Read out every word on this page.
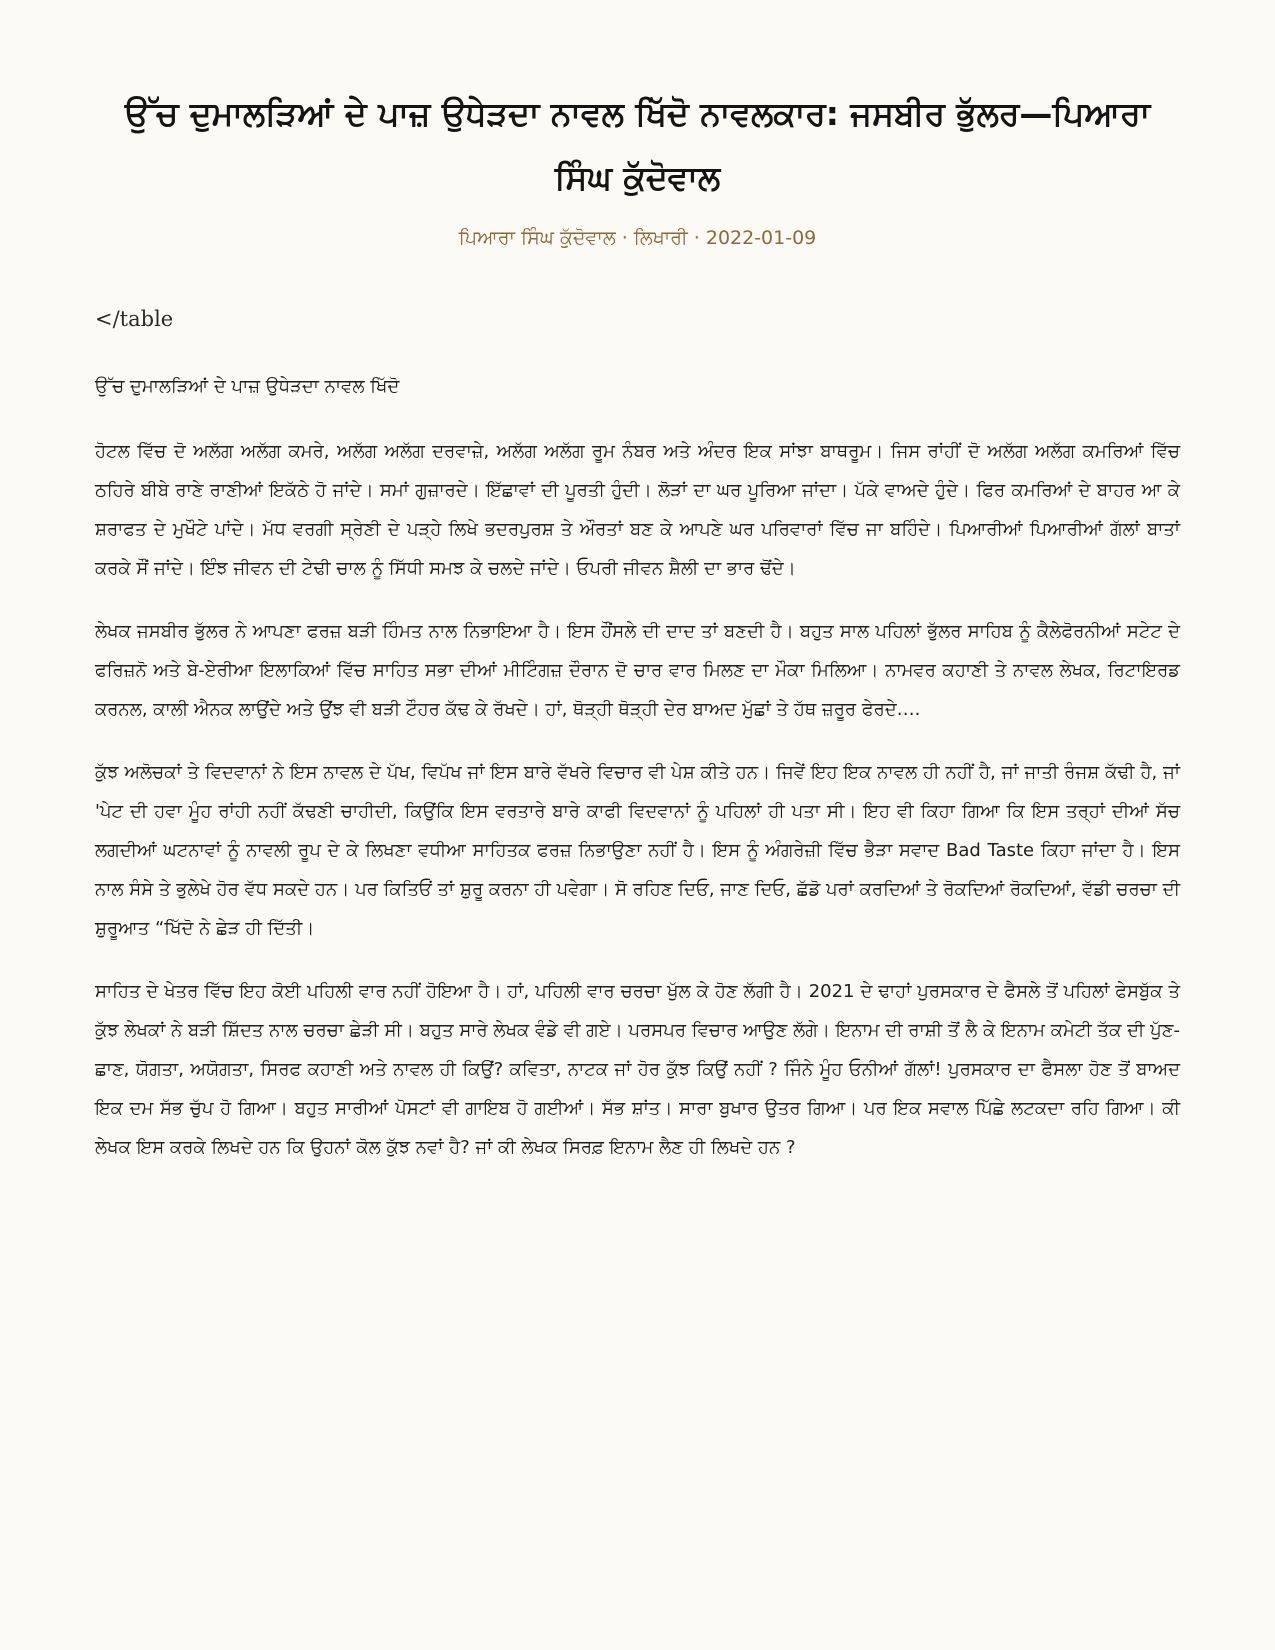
ਉੱਚ ਦੁਮਾਲੜਿਆਂ ਦੇ ਪਾਜ਼ ਉਧੇੜਦਾ ਨਾਵਲ ਖਿੱਦੋ ਨਾਵਲਕਾਰ: ਜਸਬੀਰ ਭੁੱਲਰ—ਪਿਆਰਾ ਸਿੰਘ ਕੁੱਦੋਵਾਲ
ਪਿਆਰਾ ਸਿੰਘ ਕੁੱਦੋਵਾਲ · ਲਿਖਾਰੀ · 2022-01-09

</table

ਉੱਚ ਦੁਮਾਲੜਿਆਂ ਦੇ ਪਾਜ਼ ਉਧੇੜਦਾ ਨਾਵਲ ਖਿੱਦੋ

ਹੋਟਲ ਵਿੱਚ ਦੋ ਅਲੱਗ ਅਲੱਗ ਕਮਰੇ, ਅਲੱਗ ਅਲੱਗ ਦਰਵਾਜ਼ੇ, ਅਲੱਗ ਅਲੱਗ ਰੂਮ ਨੰਬਰ ਅਤੇ ਅੰਦਰ ਇਕ ਸਾਂਝਾ ਬਾਥਰੂਮ। ਜਿਸ ਰਾਂਹੀਂ ਦੋ ਅਲੱਗ ਅਲੱਗ ਕਮਰਿਆਂ ਵਿੱਚ ਠਹਿਰੇ ਬੀਬੇ ਰਾਣੇ ਰਾਣੀਆਂ ਇਕੱਠੇ ਹੋ ਜਾਂਦੇ। ਸਮਾਂ ਗੁਜ਼ਾਰਦੇ। ਇੱਛਾਵਾਂ ਦੀ ਪੂਰਤੀ ਹੁੰਦੀ। ਲੋੜਾਂ ਦਾ ਘਰ ਪੂਰਿਆ ਜਾਂਦਾ। ਪੱਕੇ ਵਾਅਦੇ ਹੁੰਦੇ। ਫਿਰ ਕਮਰਿਆਂ ਦੇ ਬਾਹਰ ਆ ਕੇ ਸ਼ਰਾਫਤ ਦੇ ਮੁਖੌਟੇ ਪਾਂਦੇ। ਮੱਧ ਵਰਗੀ ਸ੍ਰੇਣੀ ਦੇ ਪੜ੍ਹੇ ਲਿਖੇ ਭਦਰਪੁਰਸ਼ ਤੇ ਔਰਤਾਂ ਬਣ ਕੇ ਆਪਣੇ ਘਰ ਪਰਿਵਾਰਾਂ ਵਿੱਚ ਜਾ ਬਹਿੰਦੇ। ਪਿਆਰੀਆਂ ਪਿਆਰੀਆਂ ਗੱਲਾਂ ਬਾਤਾਂ ਕਰਕੇ ਸੌਂ ਜਾਂਦੇ। ਇੰਝ ਜੀਵਨ ਦੀ ਟੇਢੀ ਚਾਲ ਨੂੰ ਸਿੱਧੀ ਸਮਝ ਕੇ ਚਲਦੇ ਜਾਂਦੇ। ਓਪਰੀ ਜੀਵਨ ਸ਼ੈਲੀ ਦਾ ਭਾਰ ਢੋਂਦੇ।

ਲੇਖਕ ਜਸਬੀਰ ਭੁੱਲਰ ਨੇ ਆਪਣਾ ਫਰਜ਼ ਬੜੀ ਹਿੰਮਤ ਨਾਲ ਨਿਭਾਇਆ ਹੈ। ਇਸ ਹੌਂਸਲੇ ਦੀ ਦਾਦ ਤਾਂ ਬਣਦੀ ਹੈ। ਬਹੁਤ ਸਾਲ ਪਹਿਲਾਂ ਭੁੱਲਰ ਸਾਹਿਬ ਨੂੰ ਕੈਲੇਫੋਰਨੀਆਂ ਸਟੇਟ ਦੇ ਫਰਿਜ਼ਨੋ ਅਤੇ ਬੇ-ਏਰੀਆ ਇਲਾਕਿਆਂ ਵਿੱਚ ਸਾਹਿਤ ਸਭਾ ਦੀਆਂ ਮੀਟਿੰਗਜ਼ ਦੌਰਾਨ ਦੋ ਚਾਰ ਵਾਰ ਮਿਲਣ ਦਾ ਮੌਕਾ ਮਿਲਿਆ। ਨਾਮਵਰ ਕਹਾਣੀ ਤੇ ਨਾਵਲ ਲੇਖਕ, ਰਿਟਾਇਰਡ ਕਰਨਲ, ਕਾਲੀ ਐਨਕ ਲਾਉਂਦੇ ਅਤੇ ਉਂਝ ਵੀ ਬੜੀ ਟੌਹਰ ਕੱਢ ਕੇ ਰੱਖਦੇ। ਹਾਂ, ਥੋੜ੍ਹੀ ਥੋੜ੍ਹੀ ਦੇਰ ਬਾਅਦ ਮੁੱਛਾਂ ਤੇ ਹੱਥ ਜ਼ਰੂਰ ਫੇਰਦੇ….

ਕੁੱਝ ਅਲੋਚਕਾਂ ਤੇ ਵਿਦਵਾਨਾਂ ਨੇ ਇਸ ਨਾਵਲ ਦੇ ਪੱਖ, ਵਿਪੱਖ ਜਾਂ ਇਸ ਬਾਰੇ ਵੱਖਰੇ ਵਿਚਾਰ ਵੀ ਪੇਸ਼ ਕੀਤੇ ਹਨ। ਜਿਵੇਂ ਇਹ ਇਕ ਨਾਵਲ ਹੀ ਨਹੀਂ ਹੈ, ਜਾਂ ਜਾਤੀ ਰੰਜਸ਼ ਕੱਢੀ ਹੈ, ਜਾਂ 'ਪੇਟ ਦੀ ਹਵਾ ਮੂੰਹ ਰਾਂਹੀ ਨਹੀਂ ਕੱਢਣੀ ਚਾਹੀਦੀ, ਕਿਉਂਕਿ ਇਸ ਵਰਤਾਰੇ ਬਾਰੇ ਕਾਫੀ ਵਿਦਵਾਨਾਂ ਨੂੰ ਪਹਿਲਾਂ ਹੀ ਪਤਾ ਸੀ। ਇਹ ਵੀ ਕਿਹਾ ਗਿਆ ਕਿ ਇਸ ਤਰ੍ਹਾਂ ਦੀਆਂ ਸੱਚ ਲਗਦੀਆਂ ਘਟਨਾਵਾਂ ਨੂੰ ਨਾਵਲੀ ਰੂਪ ਦੇ ਕੇ ਲਿਖਣਾ ਵਧੀਆ ਸਾਹਿਤਕ ਫਰਜ਼ ਨਿਭਾਉਣਾ ਨਹੀਂ ਹੈ। ਇਸ ਨੂੰ ਅੰਗਰੇਜ਼ੀ ਵਿੱਚ ਭੈੜਾ ਸਵਾਦ Bad Taste ਕਿਹਾ ਜਾਂਦਾ ਹੈ। ਇਸ ਨਾਲ ਸੰਸੇ ਤੇ ਭੁਲੇਖੇ ਹੋਰ ਵੱਧ ਸਕਦੇ ਹਨ। ਪਰ ਕਿਤਿਓਂ ਤਾਂ ਸ਼ੁਰੂ ਕਰਨਾ ਹੀ ਪਵੇਗਾ। ਸੋ ਰਹਿਣ ਦਿਓ, ਜਾਣ ਦਿਓ, ਛੱਡੋ ਪਰਾਂ ਕਰਦਿਆਂ ਤੇ ਰੋਕਦਿਆਂ ਰੋਕਦਿਆਂ, ਵੱਡੀ ਚਰਚਾ ਦੀ ਸ਼ੁਰੂਆਤ “ਖਿੱਦੋ ਨੇ ਛੇੜ ਹੀ ਦਿੱਤੀ।

ਸਾਹਿਤ ਦੇ ਖੇਤਰ ਵਿੱਚ ਇਹ ਕੋਈ ਪਹਿਲੀ ਵਾਰ ਨਹੀਂ ਹੋਇਆ ਹੈ। ਹਾਂ, ਪਹਿਲੀ ਵਾਰ ਚਰਚਾ ਖੁੱਲ ਕੇ ਹੋਣ ਲੱਗੀ ਹੈ। 2021 ਦੇ ਢਾਹਾਂ ਪੁਰਸਕਾਰ ਦੇ ਫੈਸਲੇ ਤੋਂ ਪਹਿਲਾਂ ਫੇਸਬੁੱਕ ਤੇ ਕੁੱਝ ਲੇਖਕਾਂ ਨੇ ਬੜੀ ਸ਼ਿੱਦਤ ਨਾਲ ਚਰਚਾ ਛੇੜੀ ਸੀ। ਬਹੁਤ ਸਾਰੇ ਲੇਖਕ ਵੰਡੇ ਵੀ ਗਏ। ਪਰਸਪਰ ਵਿਚਾਰ ਆਉਣ ਲੱਗੇ। ਇਨਾਮ ਦੀ ਰਾਸ਼ੀ ਤੋਂ ਲੈ ਕੇ ਇਨਾਮ ਕਮੇਟੀ ਤੱਕ ਦੀ ਪੁੱਣ-ਛਾਣ, ਯੋਗਤਾ, ਅਯੋਗਤਾ, ਸਿਰਫ ਕਹਾਣੀ ਅਤੇ ਨਾਵਲ ਹੀ ਕਿਉਂ? ਕਵਿਤਾ, ਨਾਟਕ ਜਾਂ ਹੋਰ ਕੁੱਝ ਕਿਉਂ ਨਹੀਂ ? ਜਿੰਨੇ ਮੂੰਹ ਓਨੀਆਂ ਗੱਲਾਂ! ਪੁਰਸਕਾਰ ਦਾ ਫੈਸਲਾ ਹੋਣ ਤੋਂ ਬਾਅਦ ਇਕ ਦਮ ਸੱਭ ਚੁੱਪ ਹੋ ਗਿਆ। ਬਹੁਤ ਸਾਰੀਆਂ ਪੋਸਟਾਂ ਵੀ ਗਾਇਬ ਹੋ ਗਈਆਂ। ਸੱਭ ਸ਼ਾਂਤ। ਸਾਰਾ ਬੁਖਾਰ ਉਤਰ ਗਿਆ। ਪਰ ਇਕ ਸਵਾਲ ਪਿੱਛੇ ਲਟਕਦਾ ਰਹਿ ਗਿਆ। ਕੀ ਲੇਖਕ ਇਸ ਕਰਕੇ ਲਿਖਦੇ ਹਨ ਕਿ ਉਹਨਾਂ ਕੋਲ ਕੁੱਝ ਨਵਾਂ ਹੈ? ਜਾਂ ਕੀ ਲੇਖਕ ਸਿਰਫ਼ ਇਨਾਮ ਲੈਣ ਹੀ ਲਿਖਦੇ ਹਨ ?
